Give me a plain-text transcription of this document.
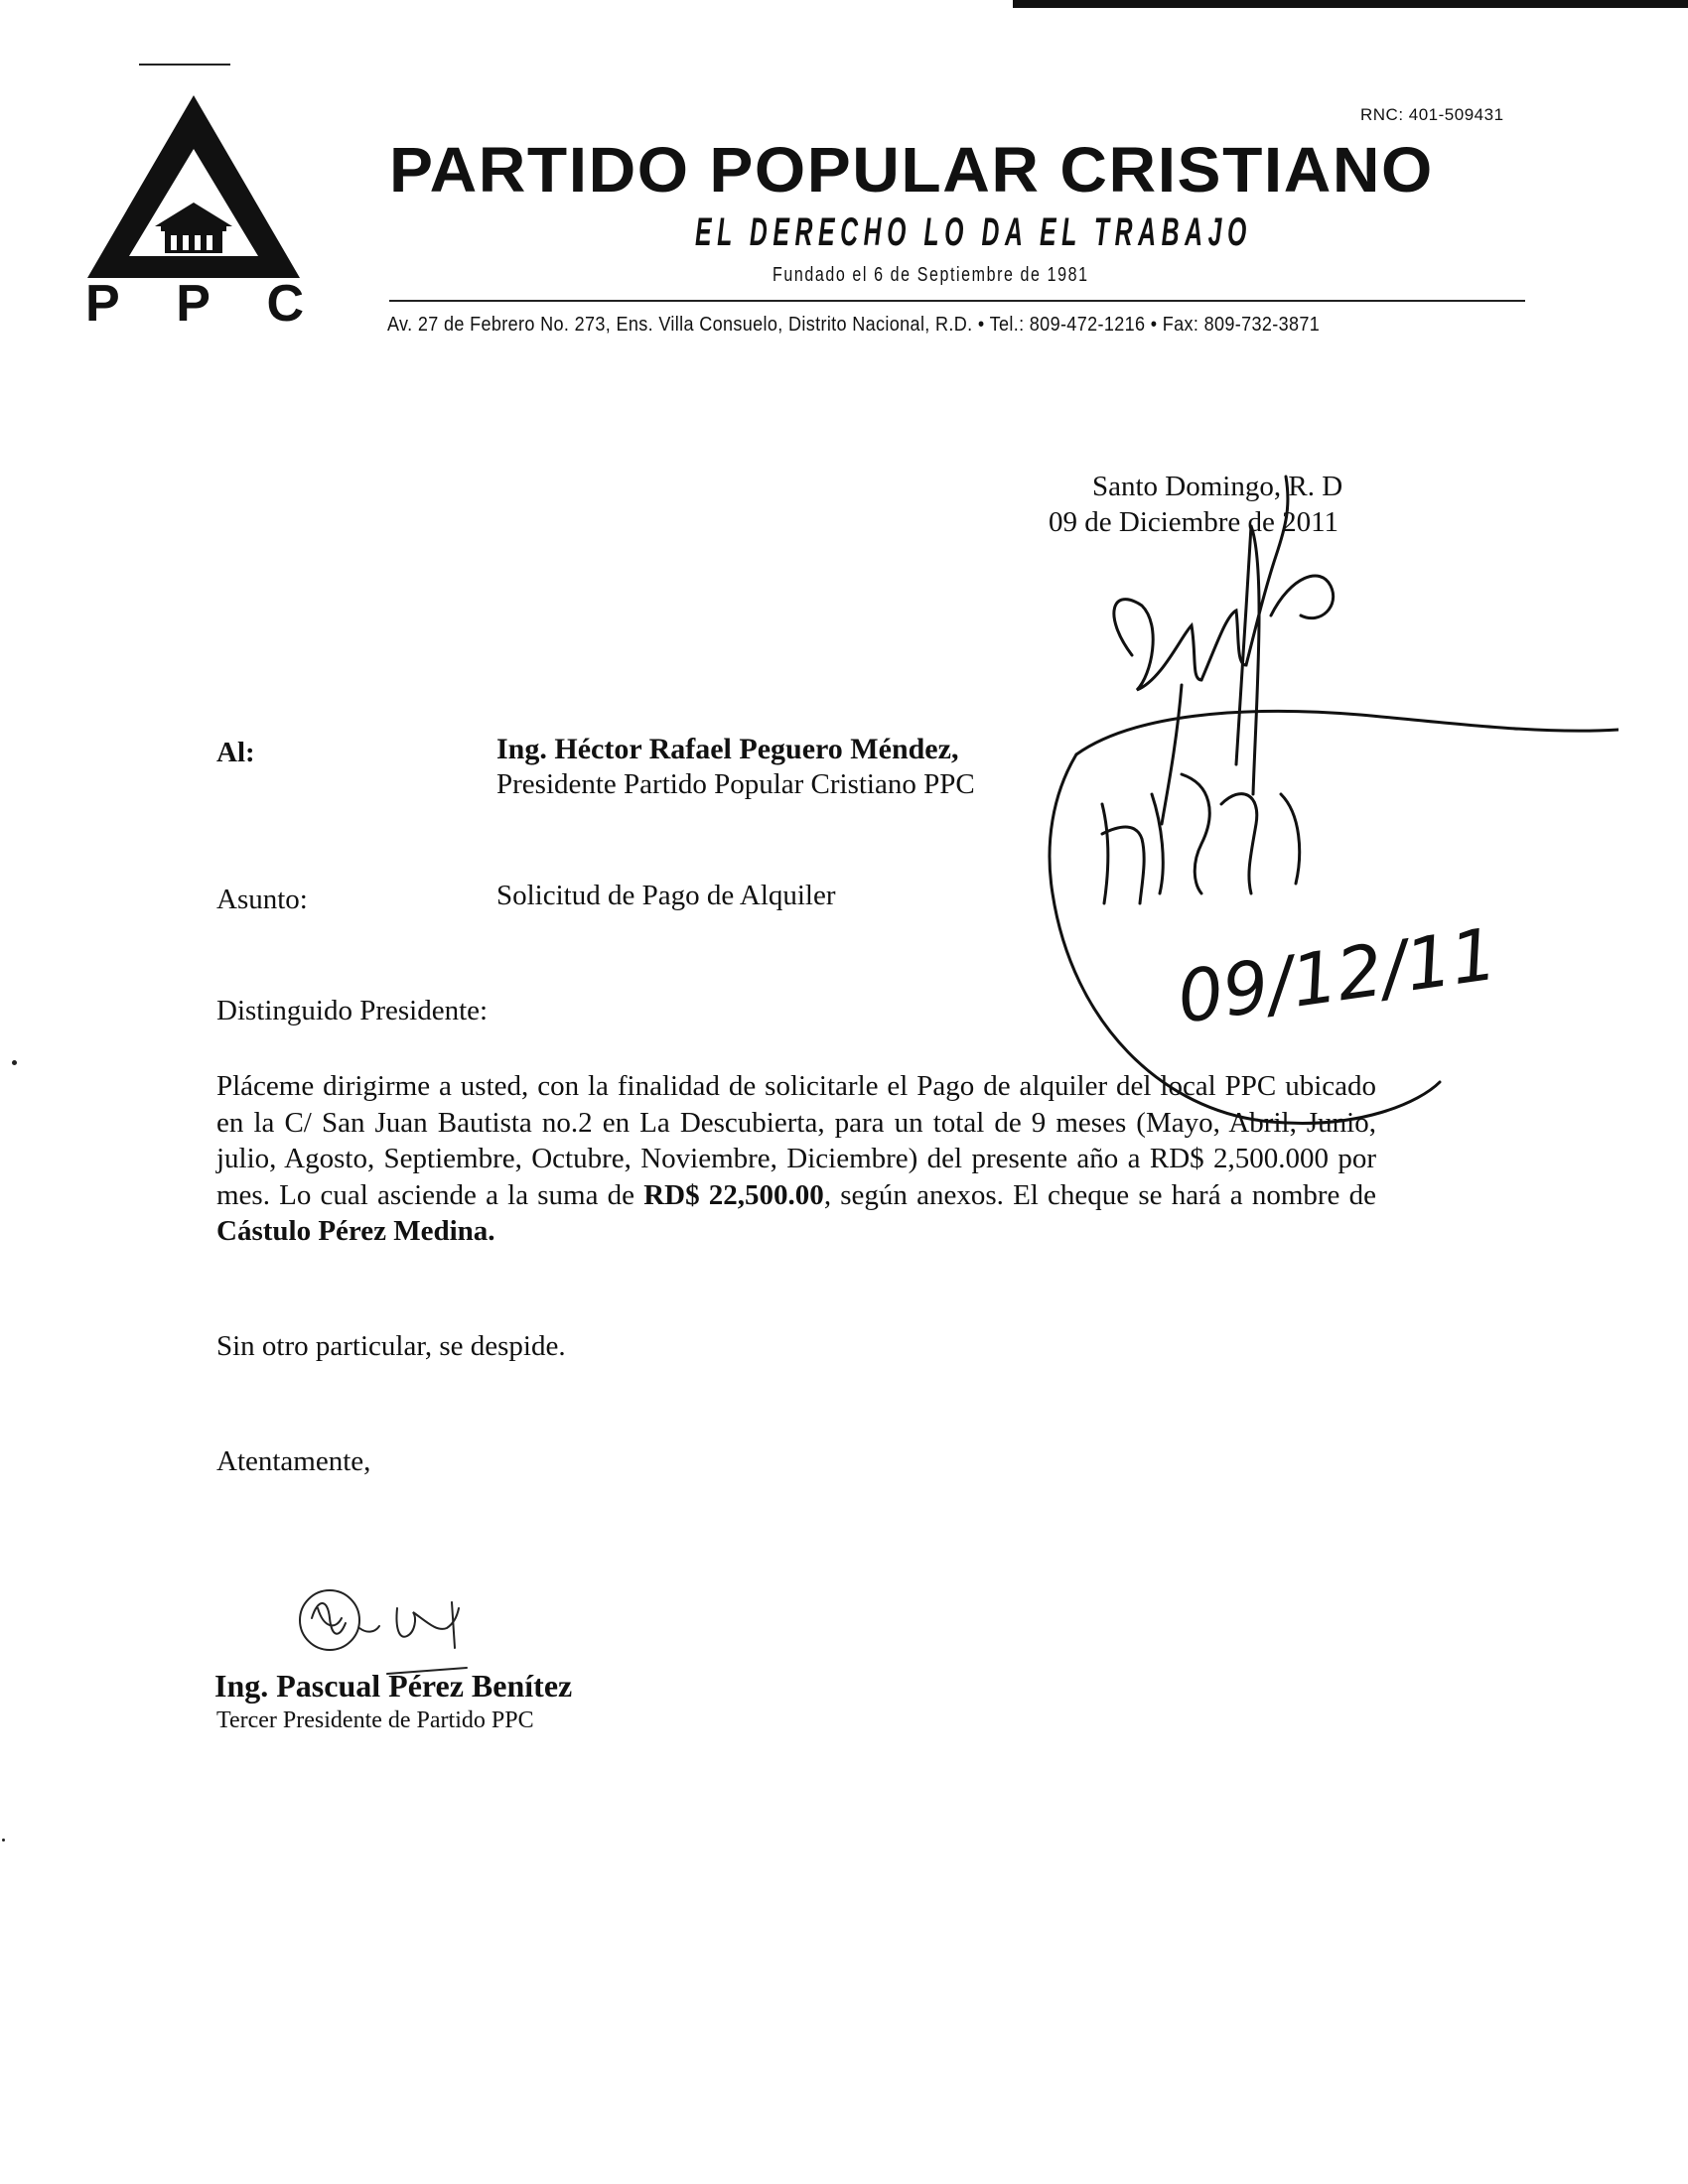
P P C
RNC: 401-509431
PARTIDO POPULAR CRISTIANO
EL DERECHO LO DA EL TRABAJO
Fundado el 6 de Septiembre de 1981
Av. 27 de Febrero No. 273, Ens. Villa Consuelo, Distrito Nacional, R.D. • Tel.: 809-472-1216 • Fax: 809-732-3871
Santo Domingo, R. D
09 de Diciembre de 2011
09/12/11
Al:	Ing. Héctor Rafael Peguero Méndez,
Presidente Partido Popular Cristiano PPC
Asunto:	Solicitud de Pago de Alquiler
Distinguido Presidente:
Pláceme dirigirme a usted, con la finalidad de solicitarle el Pago de alquiler del local PPC ubicado en la C/ San Juan Bautista no.2 en La Descubierta, para un total de 9 meses (Mayo, Abril, Junio, julio, Agosto, Septiembre, Octubre, Noviembre, Diciembre) del presente año a RD$ 2,500.000 por mes. Lo cual asciende a la suma de RD$ 22,500.00, según anexos. El cheque se hará a nombre de Cástulo Pérez Medina.
Sin otro particular, se despide.
Atentamente,
Ing. Pascual Pérez Benítez
Tercer Presidente de Partido PPC
